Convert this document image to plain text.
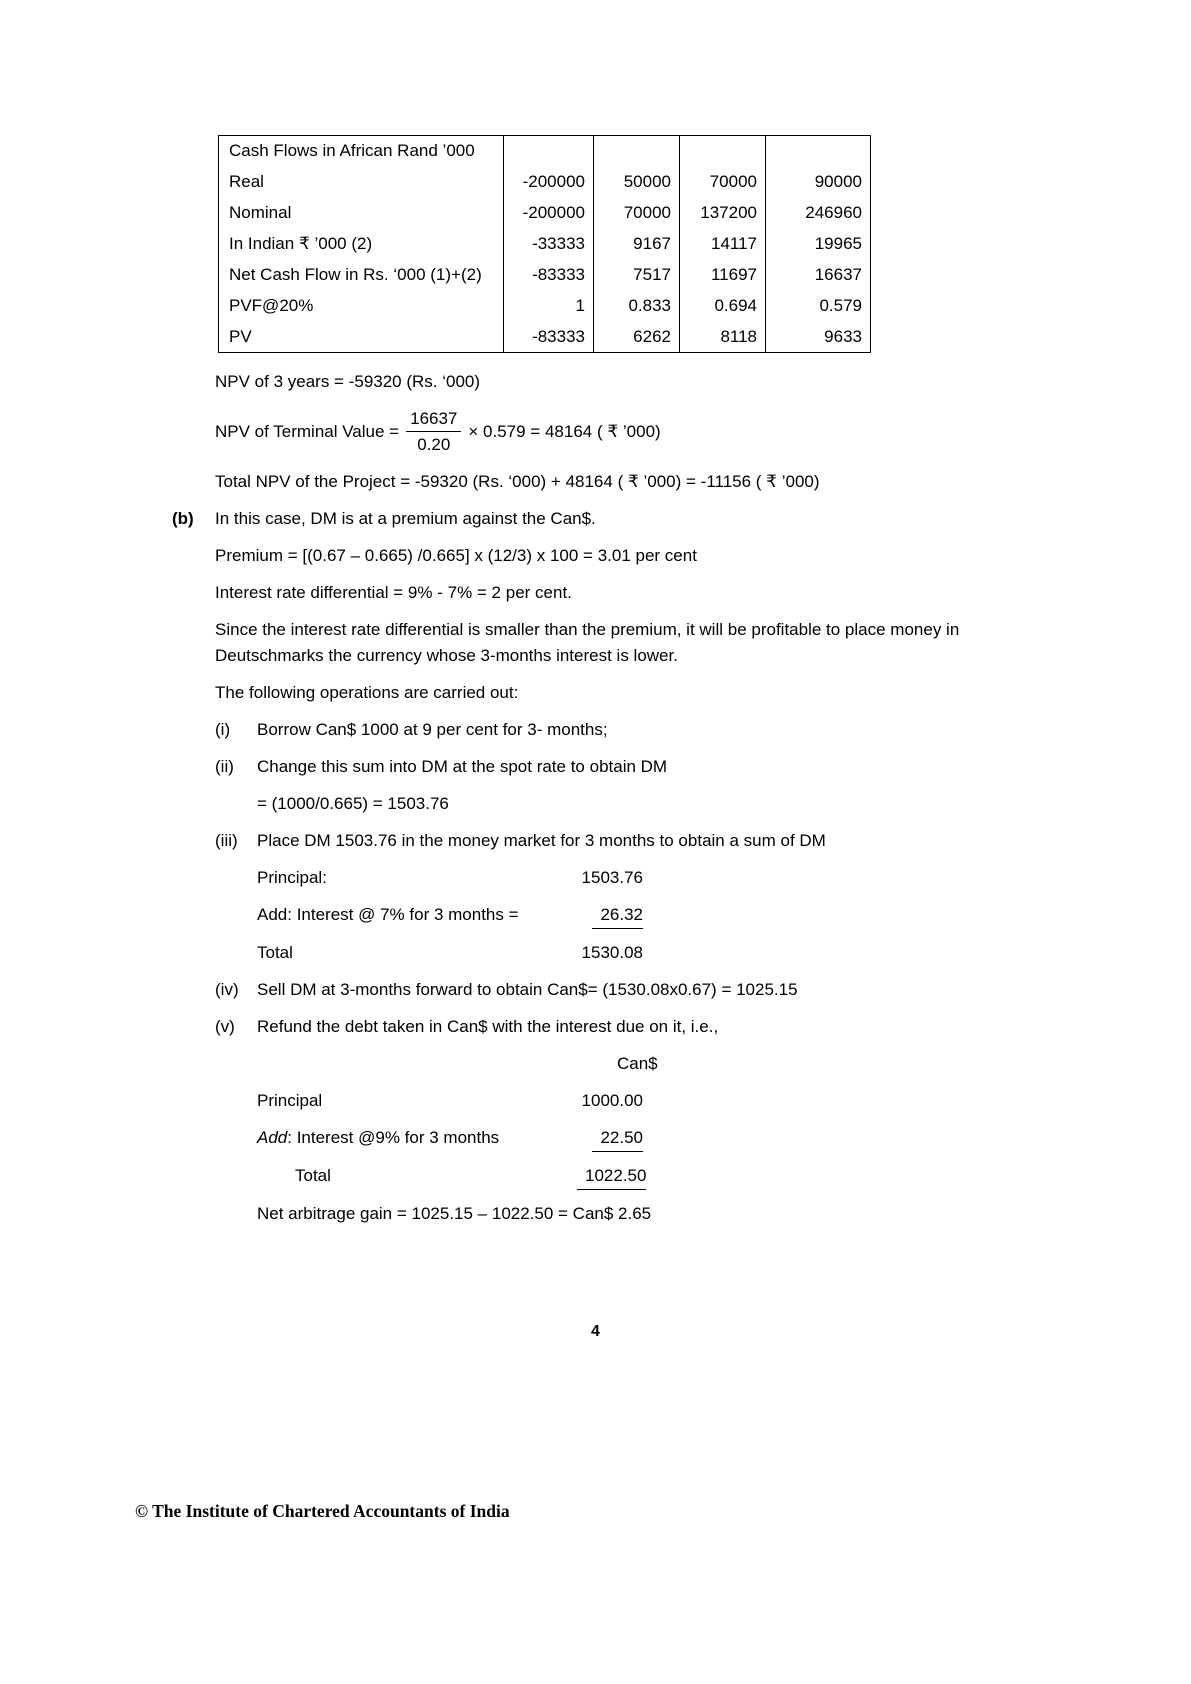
Cash Flows in African Rand ’000				
Real	-200000	50000	70000	90000
Nominal	-200000	70000	137200	246960
In Indian ₹ ’000 (2)	-33333	9167	14117	19965
Net Cash Flow in Rs. ‘000 (1)+(2)	-83333	7517	11697	16637
PVF@20%	1	0.833	0.694	0.579
PV	-83333	6262	8118	9633
NPV of 3 years = -59320 (Rs. ‘000)
NPV of Terminal Value = $\frac{16637}{0.20} \times 0.579 = 48164$ ( ₹ ’000)
Total NPV of the Project = -59320 (Rs. ‘000) + 48164 ( ₹ ’000) = -11156 ( ₹ ’000)
(b)	In this case, DM is at a premium against the Can$.
Premium = [(0.67 – 0.665) /0.665] x (12/3) x 100 = 3.01 per cent
Interest rate differential = 9% - 7% = 2 per cent.
Since the interest rate differential is smaller than the premium, it will be profitable to place money in Deutschmarks the currency whose 3-months interest is lower.
The following operations are carried out:
(i)	Borrow Can$ 1000 at 9 per cent for 3- months;
(ii)	Change this sum into DM at the spot rate to obtain DM
= (1000/0.665) = 1503.76
(iii)	Place DM 1503.76 in the money market for 3 months to obtain a sum of DM
Principal:	1503.76
Add: Interest @ 7% for 3 months =	26.32
Total	1530.08
(iv)	Sell DM at 3-months forward to obtain Can$= (1530.08x0.67) = 1025.15
(v)	Refund the debt taken in Can$ with the interest due on it, i.e.,
Can$
Principal	1000.00
Add: Interest @9% for 3 months	22.50
Total	1022.50
Net arbitrage gain = 1025.15 – 1022.50 = Can$ 2.65
4
© The Institute of Chartered Accountants of India
